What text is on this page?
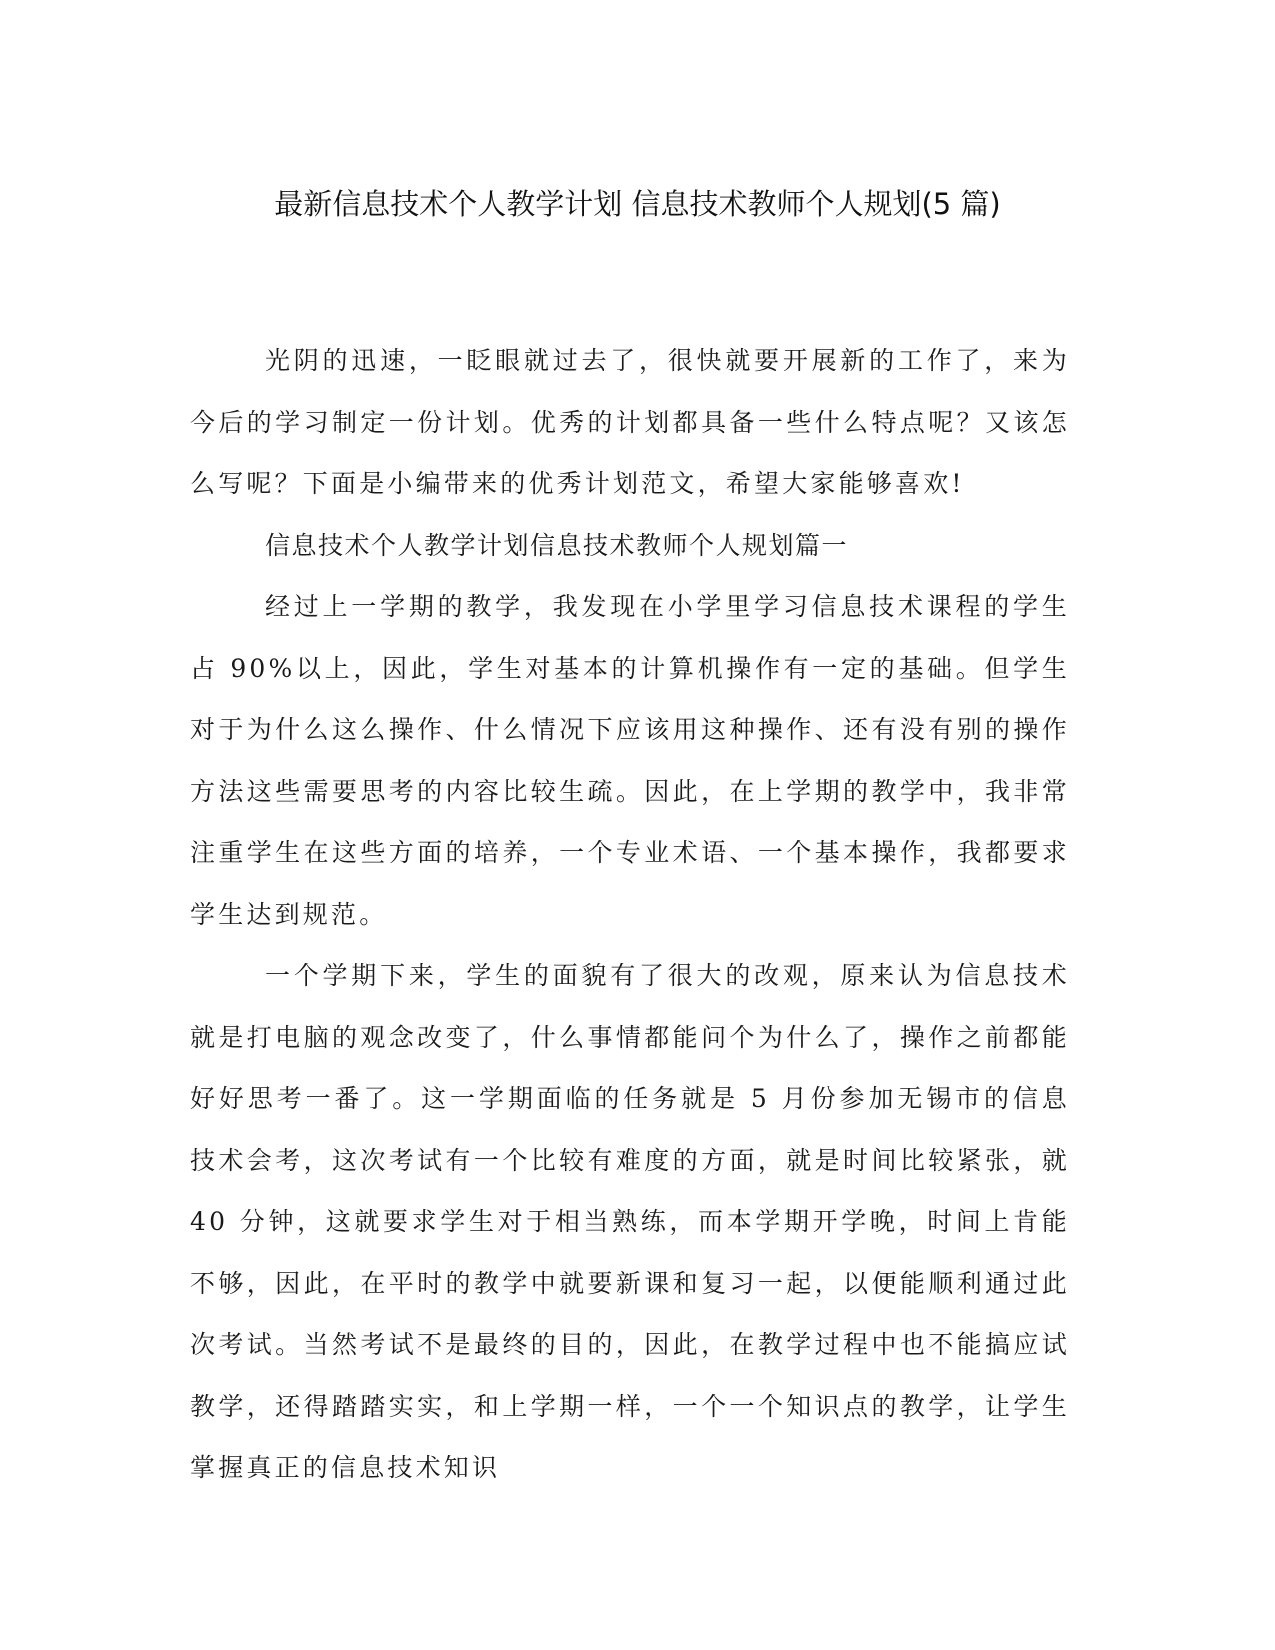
最新信息技术个人教学计划 信息技术教师个人规划(5 篇)

光阴的迅速，一眨眼就过去了，很快就要开展新的工作了，来为今后的学习制定一份计划。优秀的计划都具备一些什么特点呢？又该怎么写呢？下面是小编带来的优秀计划范文，希望大家能够喜欢!

信息技术个人教学计划信息技术教师个人规划篇一

经过上一学期的教学，我发现在小学里学习信息技术课程的学生占 90%以上，因此，学生对基本的计算机操作有一定的基础。但学生对于为什么这么操作、什么情况下应该用这种操作、还有没有别的操作方法这些需要思考的内容比较生疏。因此，在上学期的教学中，我非常注重学生在这些方面的培养，一个专业术语、一个基本操作，我都要求学生达到规范。

一个学期下来，学生的面貌有了很大的改观，原来认为信息技术就是打电脑的观念改变了，什么事情都能问个为什么了，操作之前都能好好思考一番了。这一学期面临的任务就是 5 月份参加无锡市的信息技术会考，这次考试有一个比较有难度的方面，就是时间比较紧张，就 40 分钟，这就要求学生对于相当熟练，而本学期开学晚，时间上肯能不够，因此，在平时的教学中就要新课和复习一起，以便能顺利通过此次考试。当然考试不是最终的目的，因此，在教学过程中也不能搞应试教学，还得踏踏实实，和上学期一样，一个一个知识点的教学，让学生掌握真正的信息技术知识
